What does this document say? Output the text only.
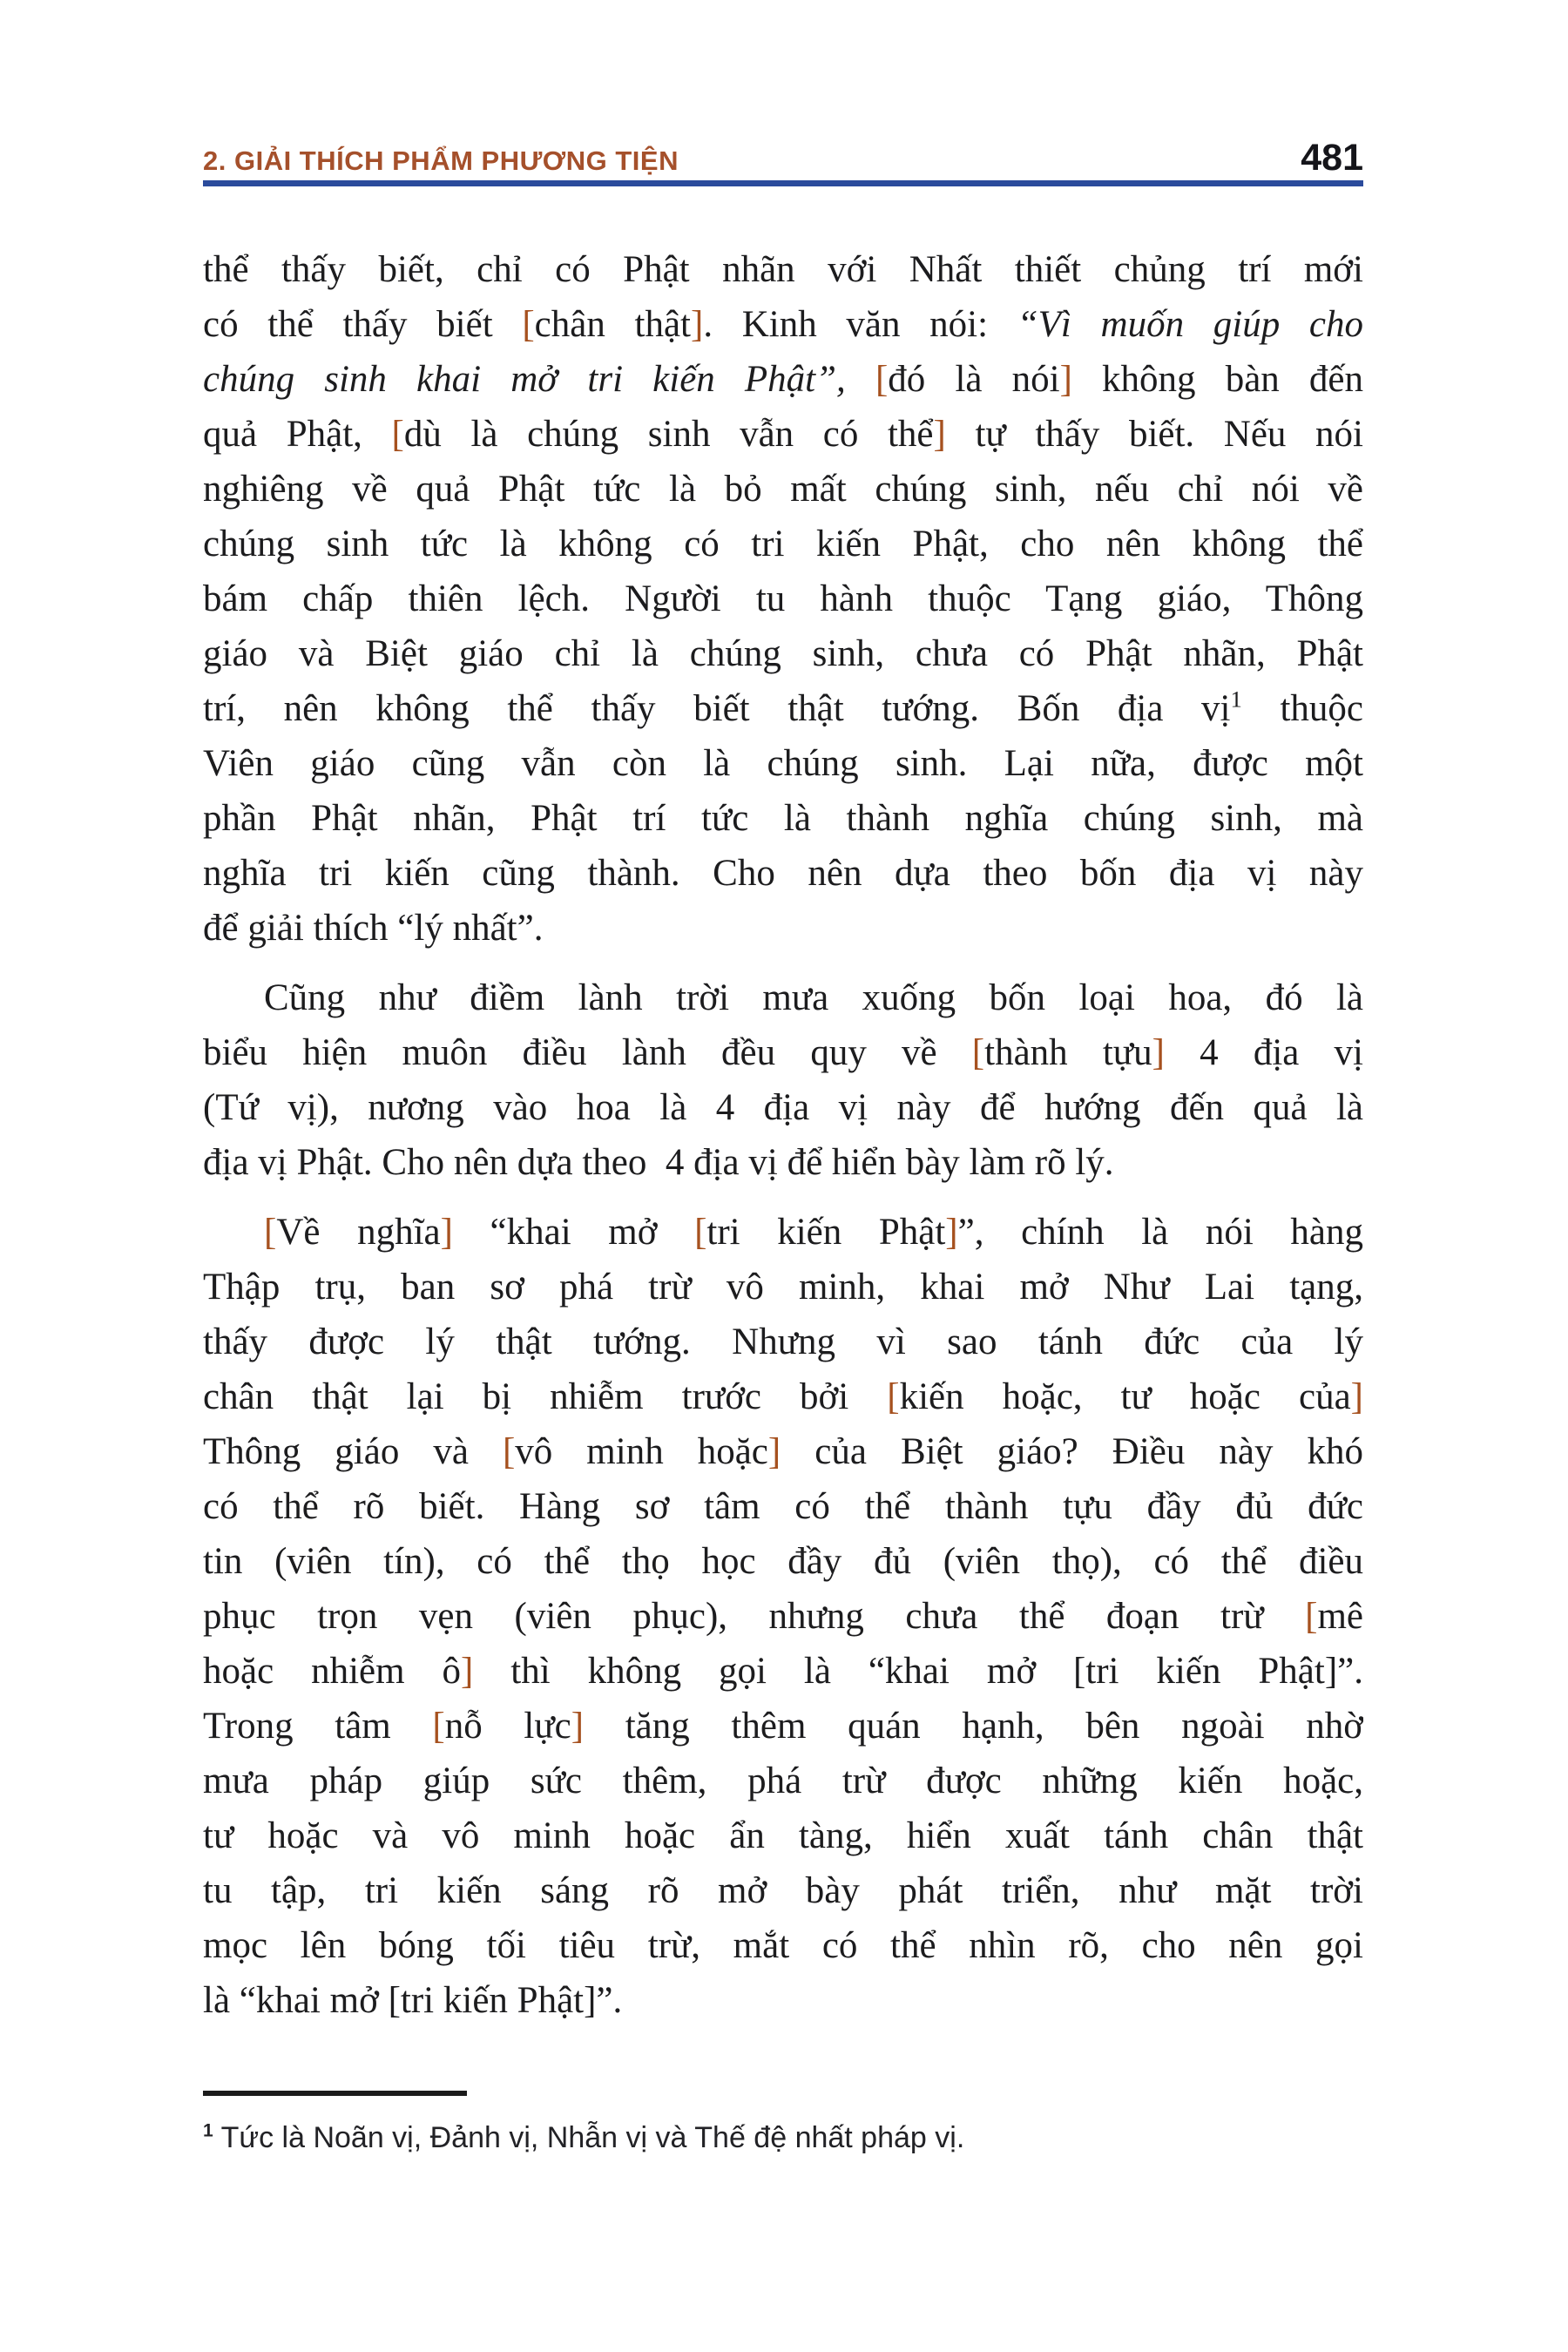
2. GIẢI THÍCH PHẨM PHƯƠNG TIỆN	481
thể thấy biết, chỉ có Phật nhãn với Nhất thiết chủng trí mới
có thể thấy biết [chân thật]. Kinh văn nói: “Vì muốn giúp cho
chúng sinh khai mở tri kiến Phật”, [đó là nói] không bàn đến
quả Phật, [dù là chúng sinh vẫn có thể] tự thấy biết. Nếu nói
nghiêng về quả Phật tức là bỏ mất chúng sinh, nếu chỉ nói về
chúng sinh tức là không có tri kiến Phật, cho nên không thể
bám chấp thiên lệch. Người tu hành thuộc Tạng giáo, Thông
giáo và Biệt giáo chỉ là chúng sinh, chưa có Phật nhãn, Phật
trí, nên không thể thấy biết thật tướng. Bốn địa vị$^1$ thuộc
Viên giáo cũng vẫn còn là chúng sinh. Lại nữa, được một
phần Phật nhãn, Phật trí tức là thành nghĩa chúng sinh, mà
nghĩa tri kiến cũng thành. Cho nên dựa theo bốn địa vị này
để giải thích “lý nhất”.
Cũng như điềm lành trời mưa xuống bốn loại hoa, đó là
biểu hiện muôn điều lành đều quy về [thành tựu] 4 địa vị
(Tứ vị), nương vào hoa là 4 địa vị này để hướng đến quả là
địa vị Phật. Cho nên dựa theo  4 địa vị để hiển bày làm rõ lý.
[Về nghĩa] “khai mở [tri kiến Phật]”, chính là nói hàng
Thập trụ, ban sơ phá trừ vô minh, khai mở Như Lai tạng,
thấy được lý thật tướng. Nhưng vì sao tánh đức của lý
chân thật lại bị nhiễm trước bởi [kiến hoặc, tư hoặc của]
Thông giáo và [vô minh hoặc] của Biệt giáo? Điều này khó
có thể rõ biết. Hàng sơ tâm có thể thành tựu đầy đủ đức
tin (viên tín), có thể thọ học đầy đủ (viên thọ), có thể điều
phục trọn vẹn (viên phục), nhưng chưa thể đoạn trừ [mê
hoặc nhiễm ô] thì không gọi là “khai mở [tri kiến Phật]”.
Trong tâm [nỗ lực] tăng thêm quán hạnh, bên ngoài nhờ
mưa pháp giúp sức thêm, phá trừ được những kiến hoặc,
tư hoặc và vô minh hoặc ẩn tàng, hiển xuất tánh chân thật
tu tập, tri kiến sáng rõ mở bày phát triển, như mặt trời
mọc lên bóng tối tiêu trừ, mắt có thể nhìn rõ, cho nên gọi
là “khai mở [tri kiến Phật]”.
$^1$ Tức là Noãn vị, Đảnh vị, Nhẫn vị và Thế đệ nhất pháp vị.
